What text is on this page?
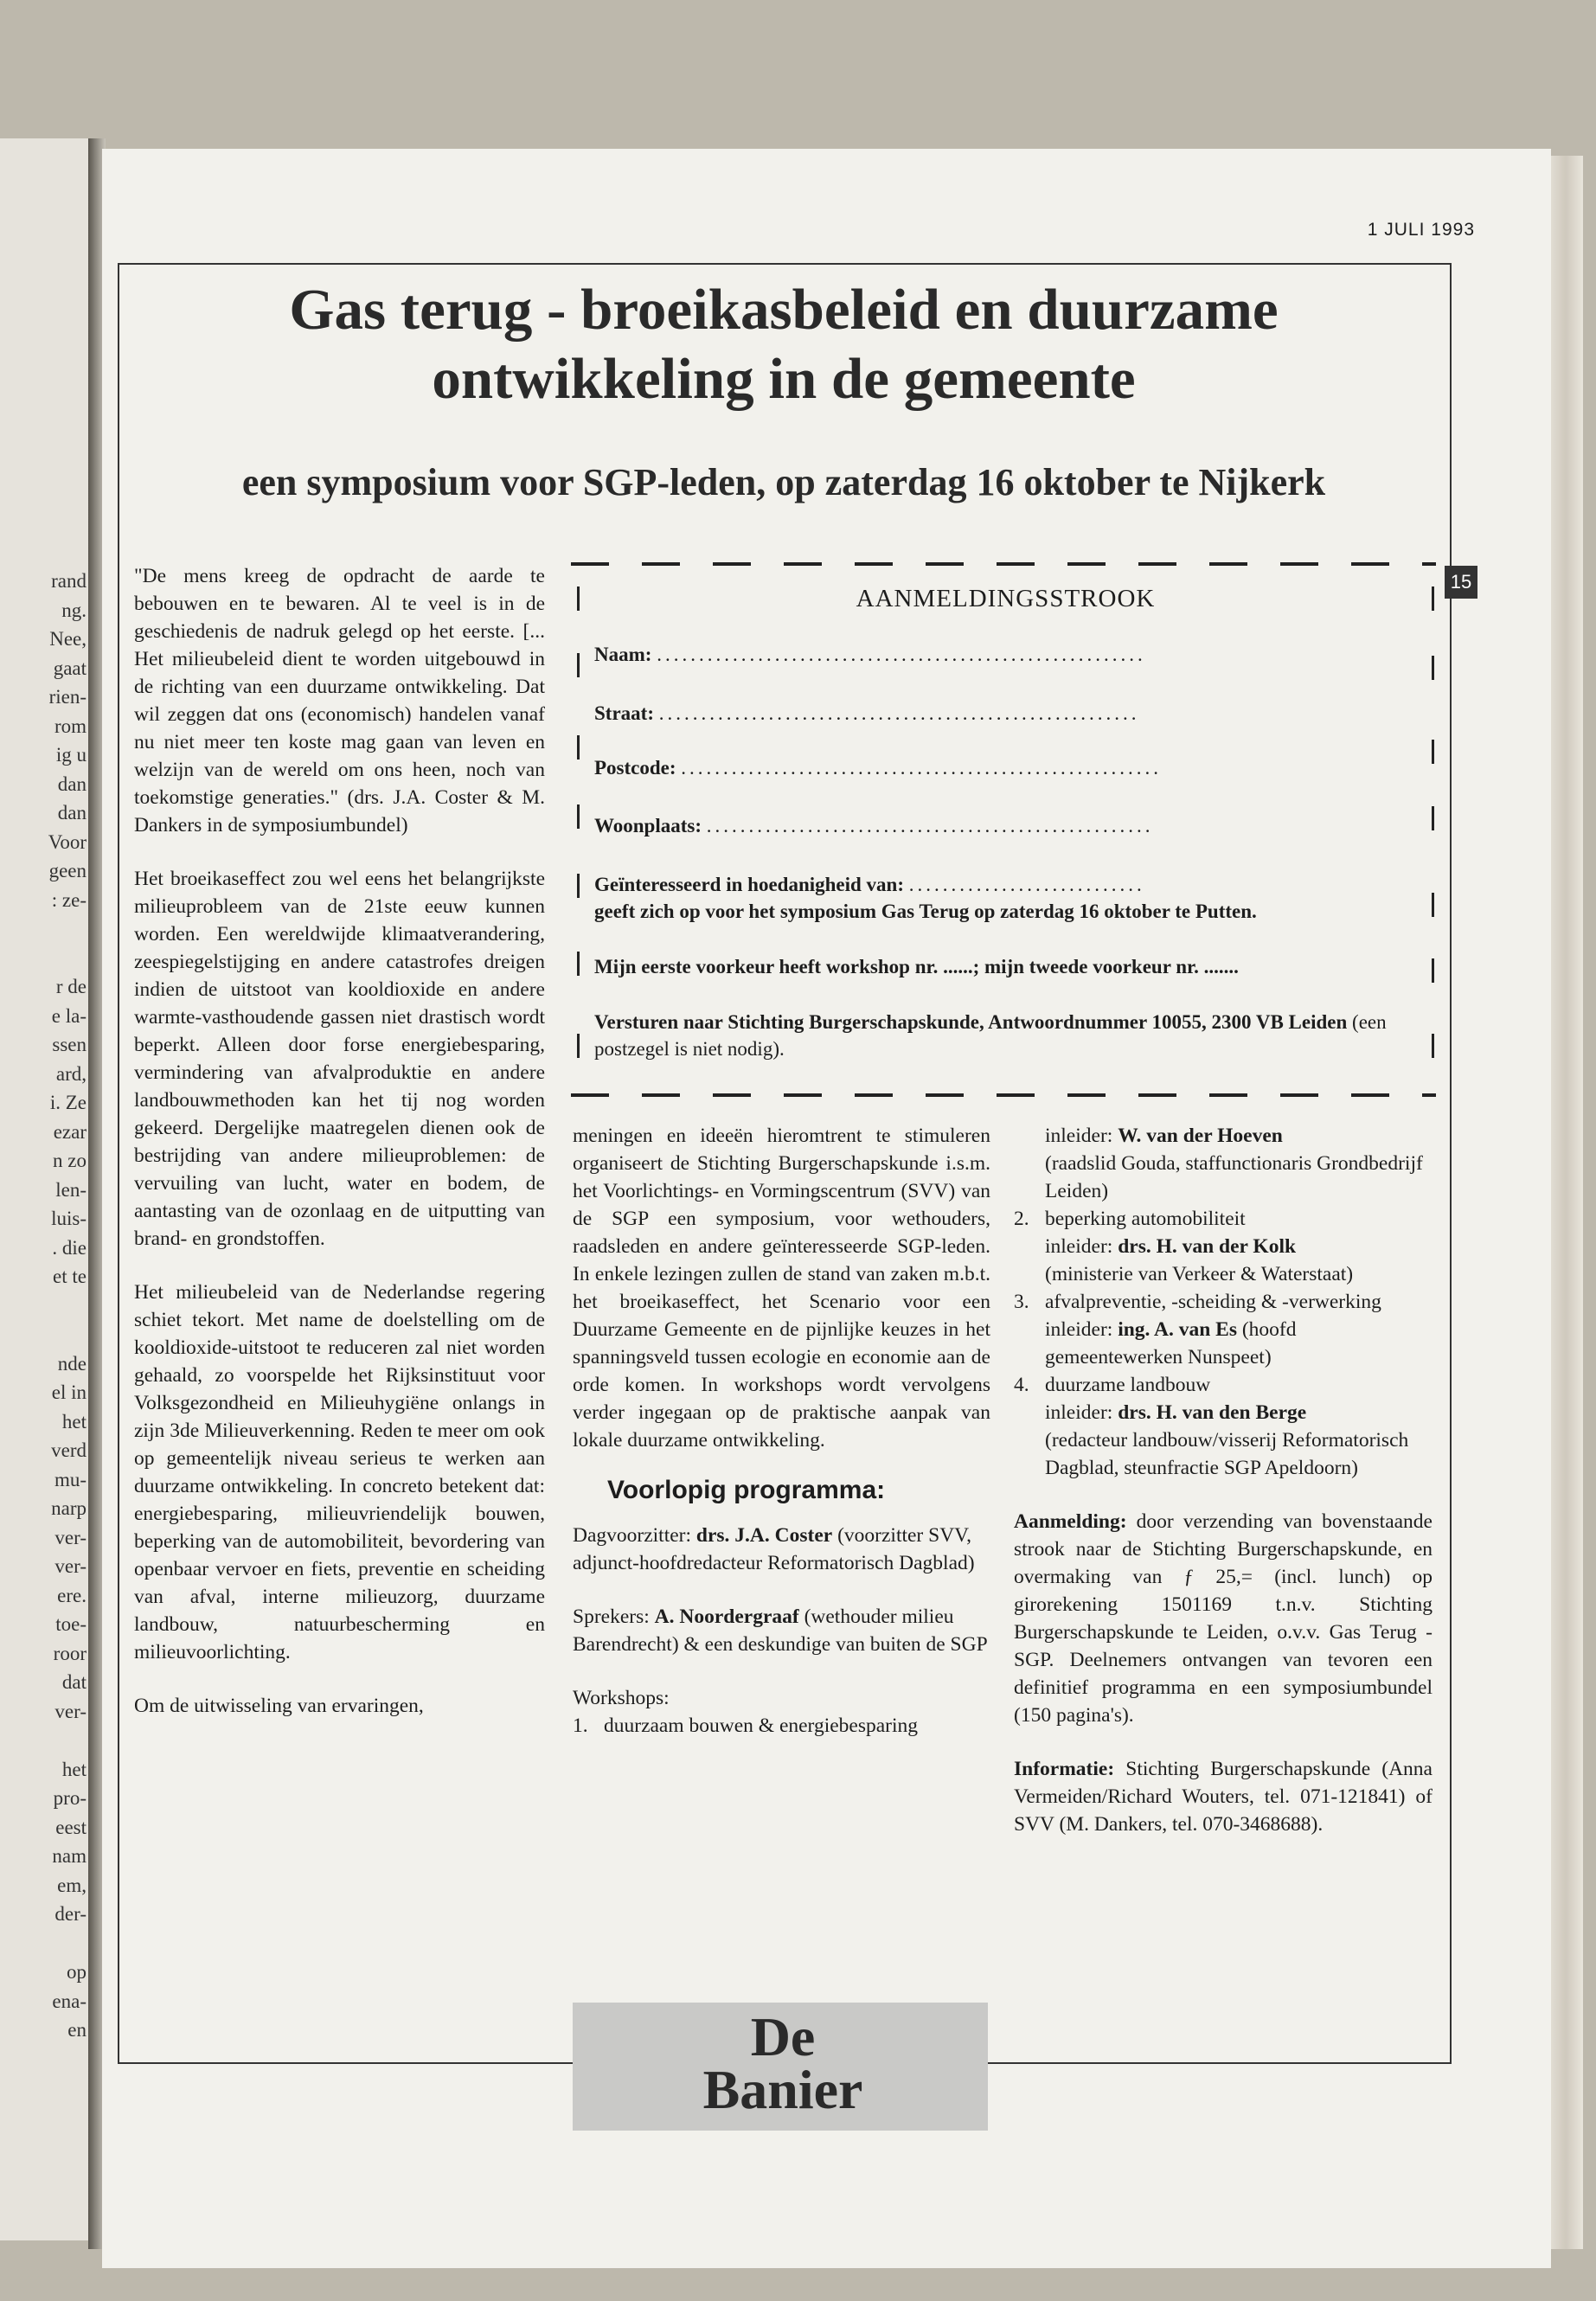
rand
ng.
Nee,
gaat
rien-
rom
ig u
dan
dan
Voor
geen
: ze-
r de
e la-
ssen
ard,
i. Ze
ezar
n zo
len-
luis-
. die
et te
nde
el in
het
verd
mu-
narp
ver-
ver-
ere.
toe-
roor
dat
ver-
het
pro-
eest
nam
em,
der-
op
ena-
en
1 JULI 1993
Gas terug - broeikasbeleid en duurzame
ontwikkeling in de gemeente
een symposium voor SGP-leden, op zaterdag 16 oktober te Nijkerk
15

"De mens kreeg de opdracht de aarde te bebouwen en te bewaren. Al te veel is in de geschiedenis de nadruk gelegd op het eerste. [... Het milieubeleid dient te worden uitgebouwd in de richting van een duurzame ontwikkeling. Dat wil zeggen dat ons (economisch) handelen vanaf nu niet meer ten koste mag gaan van leven en welzijn van de wereld om ons heen, noch van toekomstige generaties." (drs. J.A. Coster & M. Dankers in de symposiumbundel)

Het broeikaseffect zou wel eens het belangrijkste milieuprobleem van de 21ste eeuw kunnen worden. Een wereldwijde klimaatverandering, zeespiegelstijging en andere catastrofes dreigen indien de uitstoot van kooldioxide en andere warmte-vasthoudende gassen niet drastisch wordt beperkt. Alleen door forse energiebesparing, vermindering van afvalproduktie en andere landbouwmethoden kan het tij nog worden gekeerd. Dergelijke maatregelen dienen ook de bestrijding van andere milieuproblemen: de vervuiling van lucht, water en bodem, de aantasting van de ozonlaag en de uitputting van brand- en grondstoffen.

Het milieubeleid van de Nederlandse regering schiet tekort. Met name de doelstelling om de kooldioxide-uitstoot te reduceren zal niet worden gehaald, zo voorspelde het Rijksinstituut voor Volksgezondheid en Milieuhygiëne onlangs in zijn 3de Milieuverkenning. Reden te meer om ook op gemeentelijk niveau serieus te werken aan duurzame ontwikkeling. In concreto betekent dat: energiebesparing, milieuvriendelijk bouwen, beperking van de automobiliteit, bevordering van openbaar vervoer en fiets, preventie en scheiding van afval, interne milieuzorg, duurzame landbouw, natuurbescherming en milieuvoorlichting.

Om de uitwisseling van ervaringen,

AANMELDINGSSTROOK
Naam: ..........................................................
Straat: .........................................................
Postcode: .........................................................
Woonplaats: .....................................................
Geïnteresseerd in hoedanigheid van: ............................
geeft zich op voor het symposium Gas Terug op zaterdag 16 oktober te Putten.
Mijn eerste voorkeur heeft workshop nr. ......; mijn tweede voorkeur nr. .......
Versturen naar Stichting Burgerschapskunde, Antwoordnummer 10055, 2300 VB Leiden (een postzegel is niet nodig).

meningen en ideeën hieromtrent te stimuleren organiseert de Stichting Burgerschapskunde i.s.m. het Voorlichtings- en Vormingscentrum (SVV) van de SGP een symposium, voor wethouders, raadsleden en andere geïnteresseerde SGP-leden. In enkele lezingen zullen de stand van zaken m.b.t. het broeikaseffect, het Scenario voor een Duurzame Gemeente en de pijnlijke keuzes in het spanningsveld tussen ecologie en economie aan de orde komen. In workshops wordt vervolgens verder ingegaan op de praktische aanpak van lokale duurzame ontwikkeling.

Voorlopig programma:

Dagvoorzitter: drs. J.A. Coster (voorzitter SVV, adjunct-hoofdredacteur Reformatorisch Dagblad)

Sprekers: A. Noordergraaf (wethouder milieu Barendrecht) & een deskundige van buiten de SGP

Workshops:
1. duurzaam bouwen & energiebesparing
inleider: W. van der Hoeven
(raadslid Gouda, staffunctionaris Grondbedrijf Leiden)
2. beperking automobiliteit
inleider: drs. H. van der Kolk
(ministerie van Verkeer & Waterstaat)
3. afvalpreventie, -scheiding & -verwerking
inleider: ing. A. van Es (hoofd gemeentewerken Nunspeet)
4. duurzame landbouw
inleider: drs. H. van den Berge
(redacteur landbouw/visserij Reformatorisch Dagblad, steunfractie SGP Apeldoorn)

Aanmelding: door verzending van bovenstaande strook naar de Stichting Burgerschapskunde, en overmaking van ƒ 25,= (incl. lunch) op girorekening 1501169 t.n.v. Stichting Burgerschapskunde te Leiden, o.v.v. Gas Terug - SGP. Deelnemers ontvangen van tevoren een definitief programma en een symposiumbundel (150 pagina's).

Informatie: Stichting Burgerschapskunde (Anna Vermeiden/Richard Wouters, tel. 071-121841) of SVV (M. Dankers, tel. 070-3468688).

De
Banier
